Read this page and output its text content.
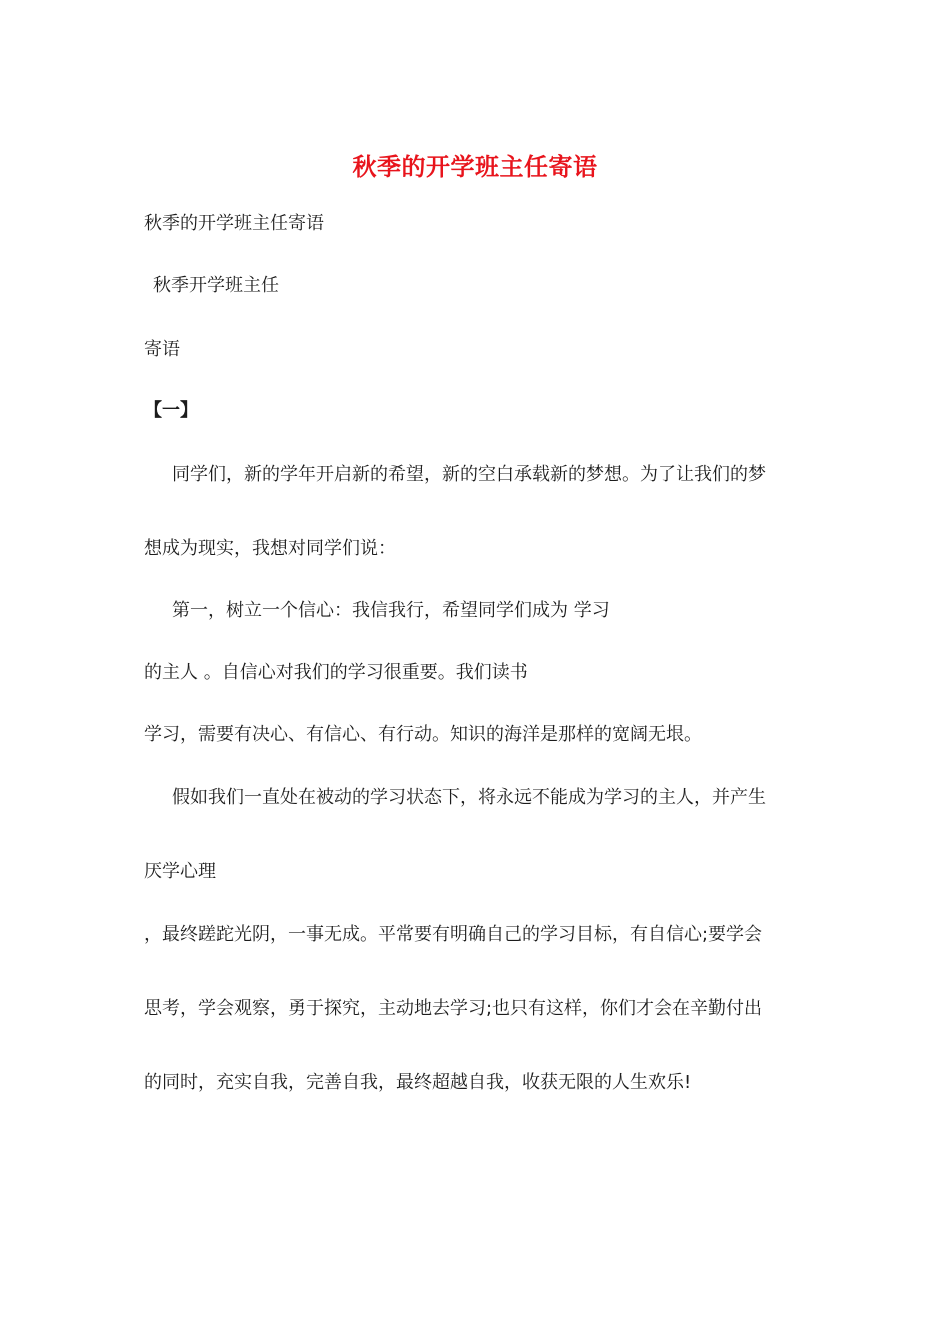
秋季的开学班主任寄语
秋季的开学班主任寄语
秋季开学班主任
寄语
【一】
同学们，新的学年开启新的希望，新的空白承载新的梦想。为了让我们的梦
想成为现实，我想对同学们说：
第一，树立一个信心：我信我行，希望同学们成为 学习
的主人 。自信心对我们的学习很重要。我们读书
学习，需要有决心、有信心、有行动。知识的海洋是那样的宽阔无垠。
假如我们一直处在被动的学习状态下，将永远不能成为学习的主人，并产生
厌学心理
，最终蹉跎光阴，一事无成。平常要有明确自己的学习目标，有自信心;要学会
思考，学会观察，勇于探究，主动地去学习;也只有这样，你们才会在辛勤付出
的同时，充实自我，完善自我，最终超越自我，收获无限的人生欢乐!
